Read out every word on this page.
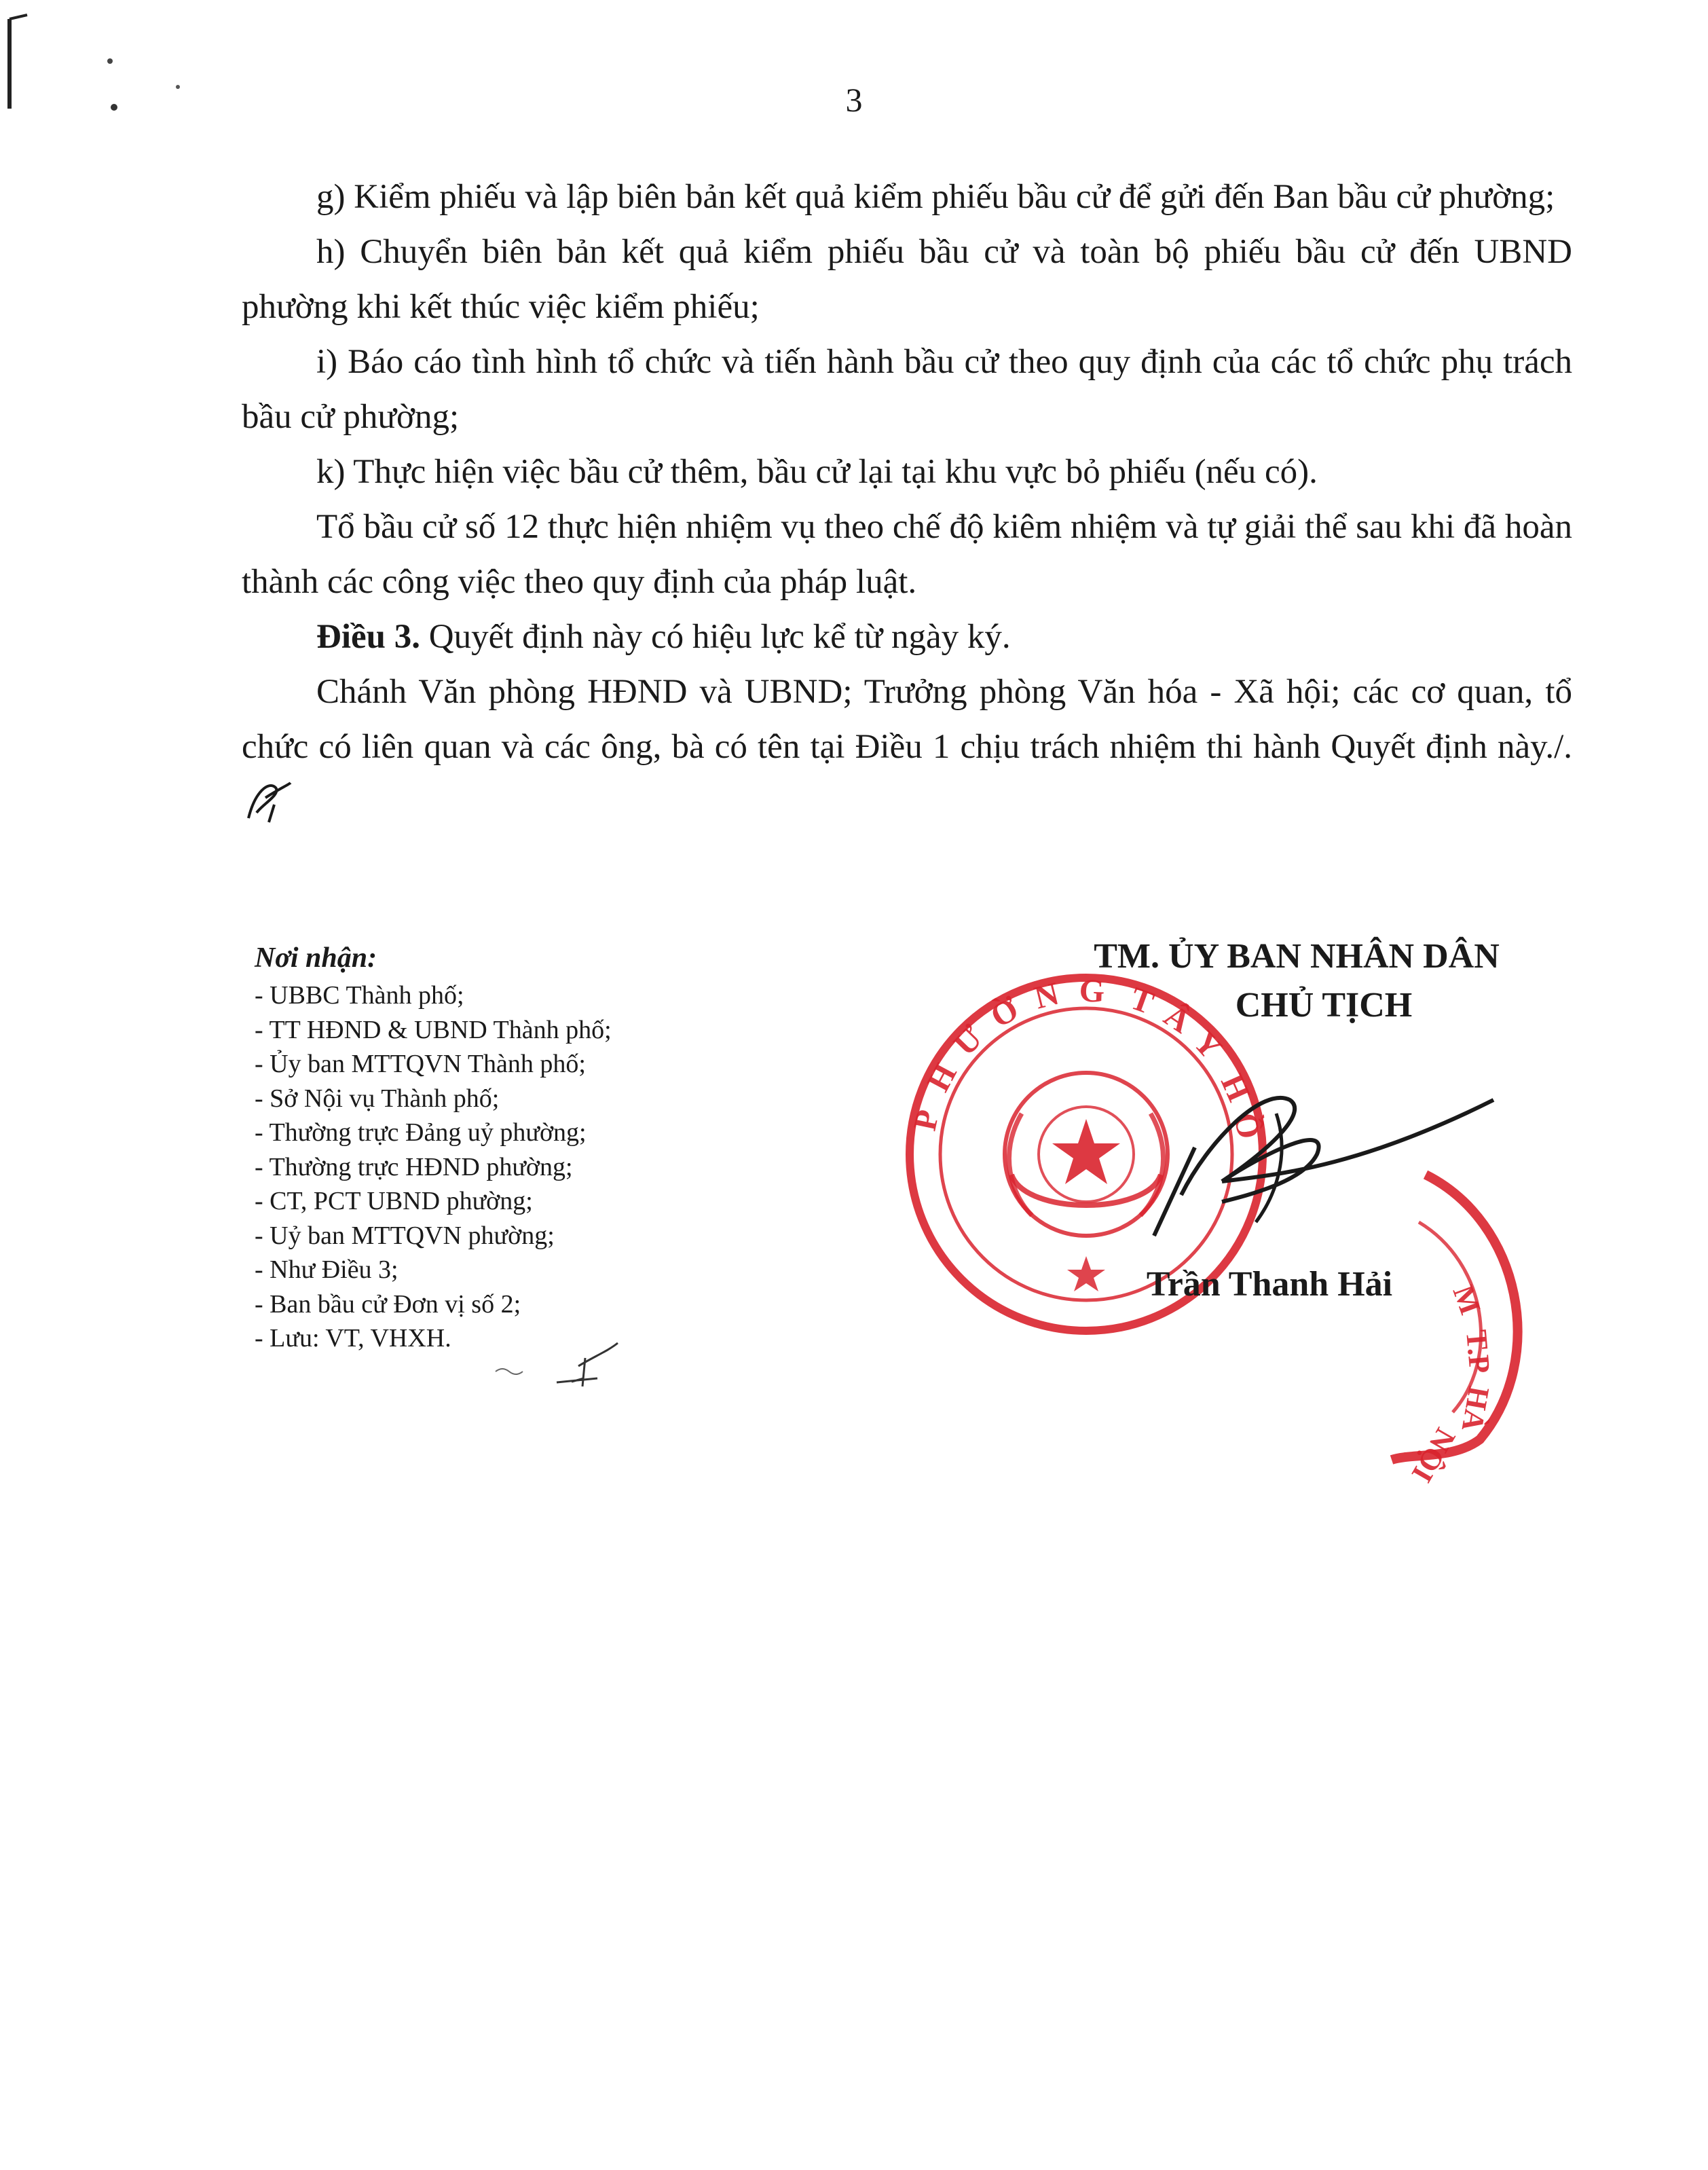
3

g) Kiểm phiếu và lập biên bản kết quả kiểm phiếu bầu cử để gửi đến Ban bầu cử phường;

h) Chuyển biên bản kết quả kiểm phiếu bầu cử và toàn bộ phiếu bầu cử đến UBND phường khi kết thúc việc kiểm phiếu;

i) Báo cáo tình hình tổ chức và tiến hành bầu cử theo quy định của các tổ chức phụ trách bầu cử phường;

k) Thực hiện việc bầu cử thêm, bầu cử lại tại khu vực bỏ phiếu (nếu có).

Tổ bầu cử số 12 thực hiện nhiệm vụ theo chế độ kiêm nhiệm và tự giải thể sau khi đã hoàn thành các công việc theo quy định của pháp luật.

Điều 3. Quyết định này có hiệu lực kể từ ngày ký.

Chánh Văn phòng HĐND và UBND; Trưởng phòng Văn hóa - Xã hội; các cơ quan, tổ chức có liên quan và các ông, bà có tên tại Điều 1 chịu trách nhiệm thi hành Quyết định này./.

Nơi nhận:
- UBBC Thành phố;
- TT HĐND & UBND Thành phố;
- Ủy ban MTTQVN Thành phố;
- Sở Nội vụ Thành phố;
- Thường trực Đảng uỷ phường;
- Thường trực HĐND phường;
- CT, PCT UBND phường;
- Uỷ ban MTTQVN phường;
- Như Điều 3;
- Ban bầu cử Đơn vị số 2;
- Lưu: VT, VHXH.
TM. ỦY BAN NHÂN DÂN
CHỦ TỊCH
P
H
Ư
Ờ N G T
Â
Y
H
Ồ
Trần Thanh Hải	M
T.P
HÀ
NỘI
